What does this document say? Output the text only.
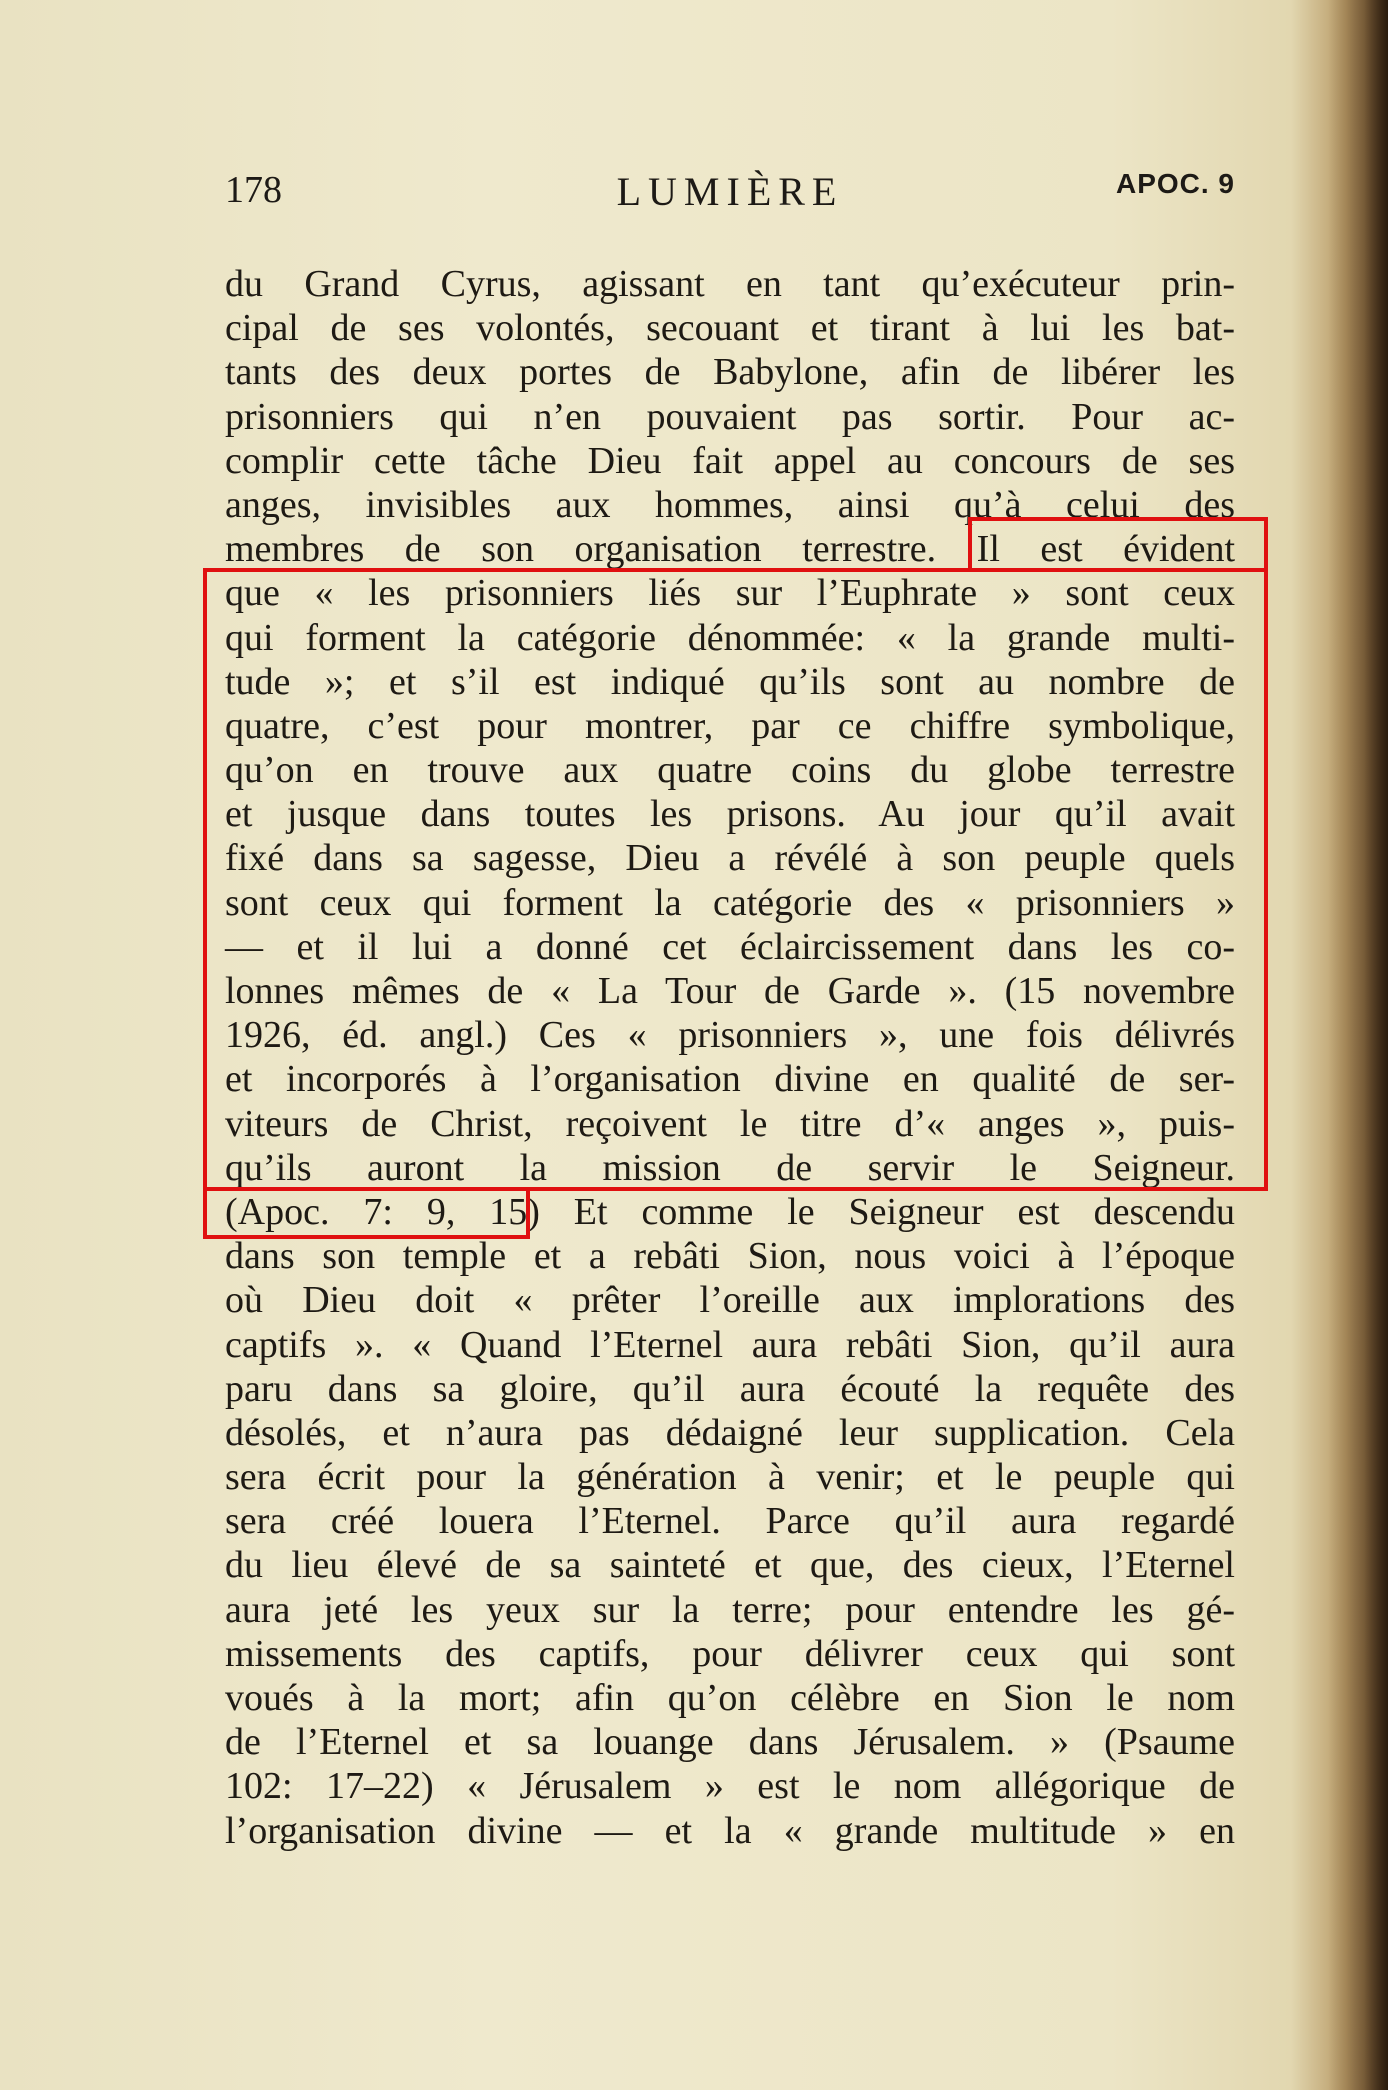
178	LUMIÈRE	APOC. 9
du Grand Cyrus, agissant en tant qu’exécuteur prin-
cipal de ses volontés, secouant et tirant à lui les bat-
tants des deux portes de Babylone, afin de libérer les
prisonniers qui n’en pouvaient pas sortir. Pour ac-
complir cette tâche Dieu fait appel au concours de ses
anges, invisibles aux hommes, ainsi qu’à celui des
membres de son organisation terrestre. Il est évident
que « les prisonniers liés sur l’Euphrate » sont ceux
qui forment la catégorie dénommée: « la grande multi-
tude »; et s’il est indiqué qu’ils sont au nombre de
quatre, c’est pour montrer, par ce chiffre symbolique,
qu’on en trouve aux quatre coins du globe terrestre
et jusque dans toutes les prisons. Au jour qu’il avait
fixé dans sa sagesse, Dieu a révélé à son peuple quels
sont ceux qui forment la catégorie des « prisonniers »
— et il lui a donné cet éclaircissement dans les co-
lonnes mêmes de « La Tour de Garde ». (15 novembre
1926, éd. angl.) Ces « prisonniers », une fois délivrés
et incorporés à l’organisation divine en qualité de ser-
viteurs de Christ, reçoivent le titre d’« anges », puis-
qu’ils auront la mission de servir le Seigneur.
(Apoc. 7: 9, 15) Et comme le Seigneur est descendu
dans son temple et a rebâti Sion, nous voici à l’époque
où Dieu doit « prêter l’oreille aux implorations des
captifs ». « Quand l’Eternel aura rebâti Sion, qu’il aura
paru dans sa gloire, qu’il aura écouté la requête des
désolés, et n’aura pas dédaigné leur supplication. Cela
sera écrit pour la génération à venir; et le peuple qui
sera créé louera l’Eternel. Parce qu’il aura regardé
du lieu élevé de sa sainteté et que, des cieux, l’Eternel
aura jeté les yeux sur la terre; pour entendre les gé-
missements des captifs, pour délivrer ceux qui sont
voués à la mort; afin qu’on célèbre en Sion le nom
de l’Eternel et sa louange dans Jérusalem. » (Psaume
102: 17–22) « Jérusalem » est le nom allégorique de
l’organisation divine — et la « grande multitude » en
